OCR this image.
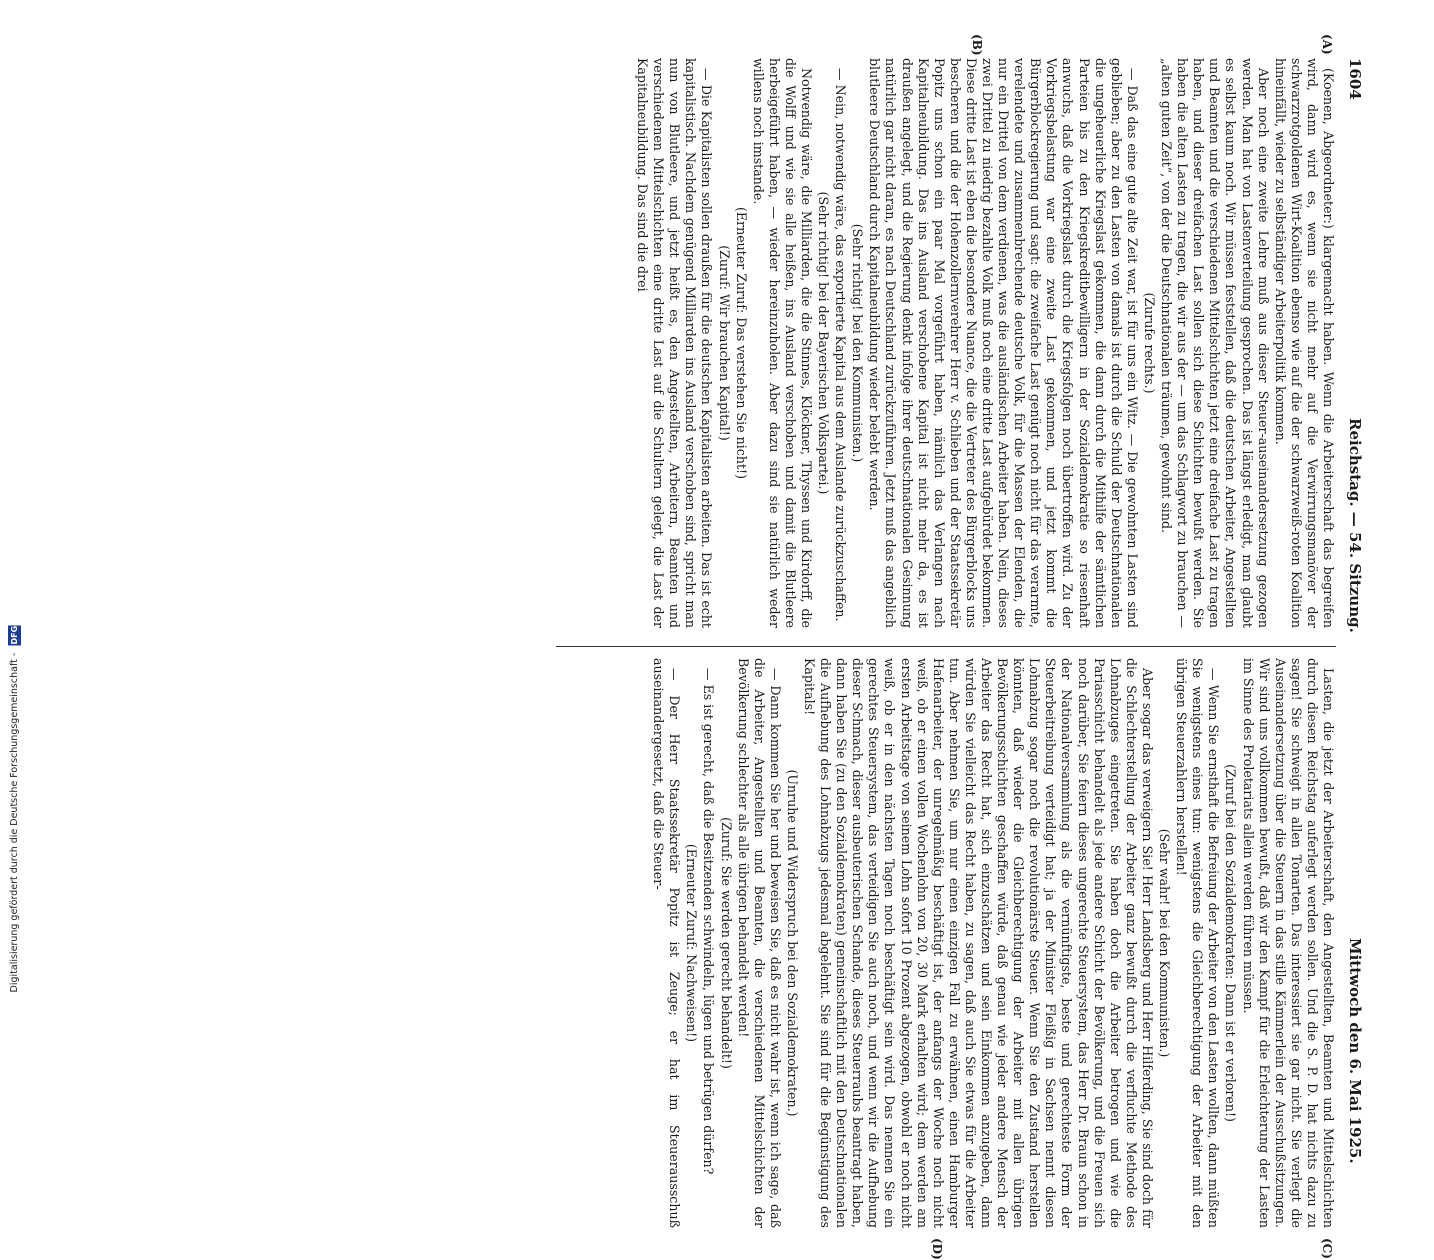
1604
Reichstag. — 54. Sitzung.
Mittwoch den 6. Mai 1925.
(A)
(B)
(C)
(D)

(Koenen, Abgeordneter:) klargemacht haben. Wenn die Arbeiterschaft das begreifen wird, dann wird es, wenn sie nicht mehr auf die Verwirrungsmanöver der schwarzrotgoldenen Wirt-Koalition ebenso wie auf die der schwarzweiß-roten Koalition hineinfällt, wieder zu selbständiger Arbeiterpolitik kommen.

Aber noch eine zweite Lehre muß aus dieser Steuer-auseinandersetzung gezogen werden. Man hat von Lastenverteilung gesprochen. Das ist längst erledigt, man glaubt es selbst kaum noch. Wir müssen feststellen, daß die deutschen Arbeiter, Angestellten und Beamten und die verschiedenen Mittelschichten jetzt eine dreifache Last zu tragen haben, und dieser dreifachen Last sollen sich diese Schichten bewußt werden. Sie haben die alten Lasten zu tragen, die wir aus der — um das Schlagwort zu brauchen — „alten guten Zeit“, von der die Deutschnationalen träumen, gewohnt sind.

(Zurufe rechts.)

— Daß das eine gute alte Zeit war, ist für uns ein Witz. — Die gewohnten Lasten sind geblieben; aber zu den Lasten von damals ist durch die Schuld der Deutschnationalen die ungeheuerliche Kriegslast gekommen, die dann durch die Mithilfe der sämtlichen Parteien bis zu den Kriegskreditbewilligern in der Sozialdemokratie so riesenhaft anwuchs, daß die Vorkriegslast durch die Kriegsfolgen noch übertroffen wird. Zu der Vorkriegsbelastung war eine zweite Last gekommen, und jetzt kommt die Bürgerblockregierung und sagt: die zweifache Last genügt noch nicht für das verarmte, verelendete und zusammenbrechende deutsche Volk, für die Massen der Elenden, die nur ein Drittel von dem verdienen, was die ausländischen Arbeiter haben. Nein, dieses zwei Drittel zu niedrig bezahlte Volk muß noch eine dritte Last aufgebürdet bekommen. Diese dritte Last ist eben die besondere Nuance, die die Vertreter des Bürgerblocks uns bescheren und die der Hohenzollernverehrer Herr v. Schlieben und der Staatssekretär Popitz uns schon ein paar Mal vorgeführt haben, nämlich das Verlangen nach Kapitalneubildung. Das ins Ausland verschobene Kapital ist nicht mehr da, es ist draußen angelegt, und die Regierung denkt infolge ihrer deutschnationalen Gesinnung natürlich gar nicht daran, es nach Deutschland zurückzuführen. Jetzt muß das angeblich blutleere Deutschland durch Kapitalneubildung wieder belebt werden.

(Sehr richtig! bei den Kommunisten.)

— Nein, notwendig wäre, das exportierte Kapital aus dem Auslande zurückzuschaffen.

(Sehr richtig! bei der Bayerischen Volkspartei.)

Notwendig wäre, die Milliarden, die die Stinnes, Klöckner, Thyssen und Kirdorff, die die Wolff und wie sie alle heißen, ins Ausland verschoben und damit die Blutleere herbeigeführt haben, — wieder hereinzuholen. Aber dazu sind sie natürlich weder willens noch imstande.

(Erneuter Zuruf: Das verstehen Sie nicht!)

(Zuruf: Wir brauchen Kapital!)

— Die Kapitalisten sollen draußen für die deutschen Kapitalisten arbeiten. Das ist echt kapitalistisch. Nachdem genügend Milliarden ins Ausland verschoben sind, spricht man nun von Blutleere, und jetzt heißt es, den Angestellten, Arbeitern, Beamten und verschiedenen Mittelschichten eine dritte Last auf die Schultern gelegt, die Last der Kapitalneubildung. Das sind die drei

Lasten, die jetzt der Arbeiterschaft, den Angestellten, Beamten und Mittelschichten durch diesen Reichstag auferlegt werden sollen. Und die S. P. D. hat nichts dazu zu sagen! Sie schweigt in allen Tonarten. Das interessiert sie gar nicht. Sie verlegt die Auseinandersetzung über die Steuern in das stille Kämmerlein der Ausschußsitzungen. Wir sind uns vollkommen bewußt, daß wir den Kampf für die Erleichterung der Lasten im Sinne des Proletariats allein werden führen müssen.

(Zuruf bei den Sozialdemokraten: Dann ist er verloren!)

— Wenn Sie ernsthaft die Befreiung der Arbeiter von den Lasten wollten, dann müßten Sie wenigstens eines tun: wenigstens die Gleichberechtigung der Arbeiter mit den übrigen Steuerzahlern herstellen!

(Sehr wahr! bei den Kommunisten.)

Aber sogar das verweigern Sie! Herr Landsberg und Herr Hilferding, Sie sind doch für die Schlechterstellung der Arbeiter ganz bewußt durch die verfluchte Methode des Lohnabzuges eingetreten. Sie haben doch die Arbeiter betrogen und wie die Pariasschicht behandelt als jede andere Schicht der Bevölkerung, und die Freuen sich noch darüber, Sie feiern dieses ungerechte Steuersystem, das Herr Dr. Braun schon in der Nationalversammlung als die vernünftigste, beste und gerechteste Form der Steuerbeitreibung verteidigt hat; ja der Minister Fleißig in Sachsen nennt diesen Lohnabzug sogar noch die revolutionärste Steuer. Wenn Sie den Zustand herstellen könnten, daß wieder die Gleichberechtigung der Arbeiter mit allen übrigen Bevölkerungsschichten geschaffen würde, daß genau wie jeder andere Mensch der Arbeiter das Recht hat, sich einzuschätzen und sein Einkommen anzugeben, dann würden Sie vielleicht das Recht haben, zu sagen, daß auch Sie etwas für die Arbeiter tun. Aber nehmen Sie, um nur einen einzigen Fall zu erwähnen, einen Hamburger Hafenarbeiter, der unregelmäßig beschäftigt ist, der anfangs der Woche noch nicht weiß, ob er einen vollen Wochenlohn von 20, 30 Mark erhalten wird; dem werden am ersten Arbeitstage von seinem Lohn sofort 10 Prozent abgezogen, obwohl er noch nicht weiß, ob er in den nächsten Tagen noch beschäftigt sein wird. Das nennen Sie ein gerechtes Steuersystem, das verteidigen Sie auch noch, und wenn wir die Aufhebung dieser Schmach, dieser ausbeuterischen Schande, dieses Steuerraubs beantragt haben, dann haben Sie (zu den Sozialdemokraten) gemeinschaftlich mit den Deutschnationalen die Aufhebung des Lohnabzugs jedesmal abgelehnt. Sie sind für die Begünstigung des Kapitals!

(Unruhe und Widerspruch bei den Sozialdemokraten.)

— Dann kommen Sie her und beweisen Sie, daß es nicht wahr ist, wenn ich sage, daß die Arbeiter, Angestellten und Beamten, die verschiedenen Mittelschichten der Bevölkerung schlechter als alle übrigen behandelt werden!

(Zuruf: Sie werden gerecht behandelt!)

— Es ist gerecht, daß die Besitzenden schwindeln, lügen und betrügen dürfen?

(Erneuter Zuruf: Nachweisen!)

— Der Herr Staatssekretär Popitz ist Zeuge; er hat im Steuerausschuß auseinandergesetzt, daß die Steuer-

Digitalisierung gefördert durch die Deutsche Forschungsgemeinschaft - DFG
